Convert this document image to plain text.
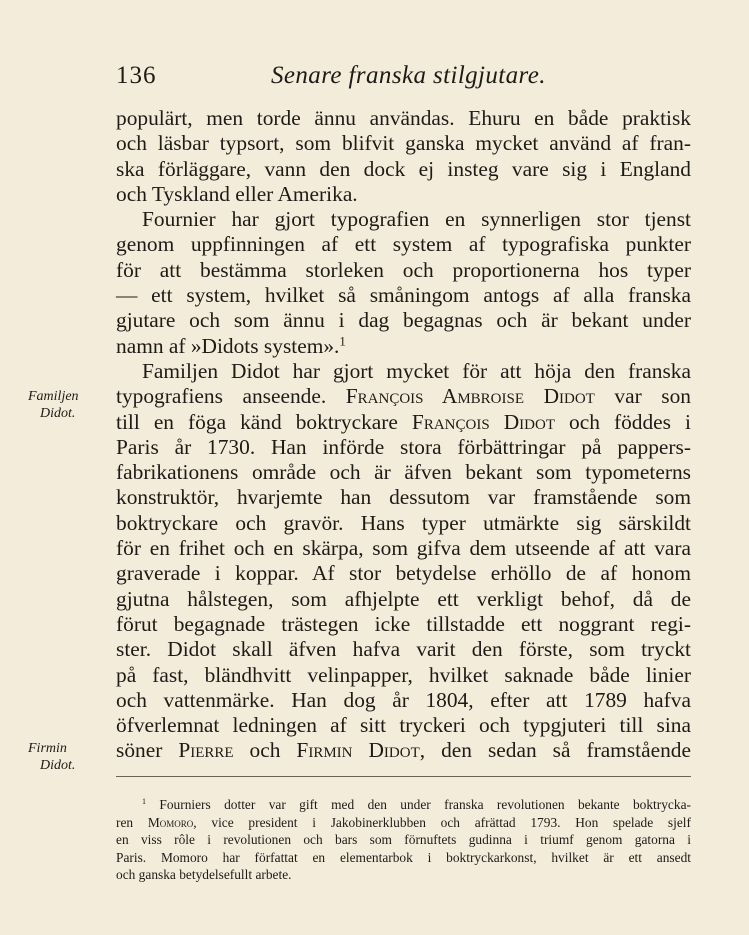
136	Senare franska stilgjutare.
Familjen
Didot.
Firmin
Didot.
populärt, men torde ännu användas. Ehuru en både praktisk
och läsbar typsort, som blifvit ganska mycket använd af fran-
ska förläggare, vann den dock ej insteg vare sig i England
och Tyskland eller Amerika.
Fournier har gjort typografien en synnerligen stor tjenst
genom uppfinningen af ett system af typografiska punkter
för att bestämma storleken och proportionerna hos typer
— ett system, hvilket så småningom antogs af alla franska
gjutare och som ännu i dag begagnas och är bekant under
namn af »Didots system».$^1$
Familjen Didot har gjort mycket för att höja den franska
typografiens anseende. François Ambroise Didot var son
till en föga känd boktryckare François Didot och föddes i
Paris år 1730. Han införde stora förbättringar på pappers-
fabrikationens område och är äfven bekant som typometerns
konstruktör, hvarjemte han dessutom var framstående som
boktryckare och gravör. Hans typer utmärkte sig särskildt
för en frihet och en skärpa, som gifva dem utseende af att vara
graverade i koppar. Af stor betydelse erhöllo de af honom
gjutna hålstegen, som afhjelpte ett verkligt behof, då de
förut begagnade trästegen icke tillstadde ett noggrant regi-
ster. Didot skall äfven hafva varit den förste, som tryckt
på fast, bländhvitt velinpapper, hvilket saknade både linier
och vattenmärke. Han dog år 1804, efter att 1789 hafva
öfverlemnat ledningen af sitt tryckeri och typgjuteri till sina
söner Pierre och Firmin Didot, den sedan så framstående
$^1$ Fourniers dotter var gift med den under franska revolutionen bekante boktrycka-
ren Momoro, vice president i Jakobinerklubben och afrättad 1793. Hon spelade sjelf
en viss rôle i revolutionen och bars som förnuftets gudinna i triumf genom gatorna i
Paris. Momoro har författat en elementarbok i boktryckarkonst, hvilket är ett ansedt
och ganska betydelsefullt arbete.
